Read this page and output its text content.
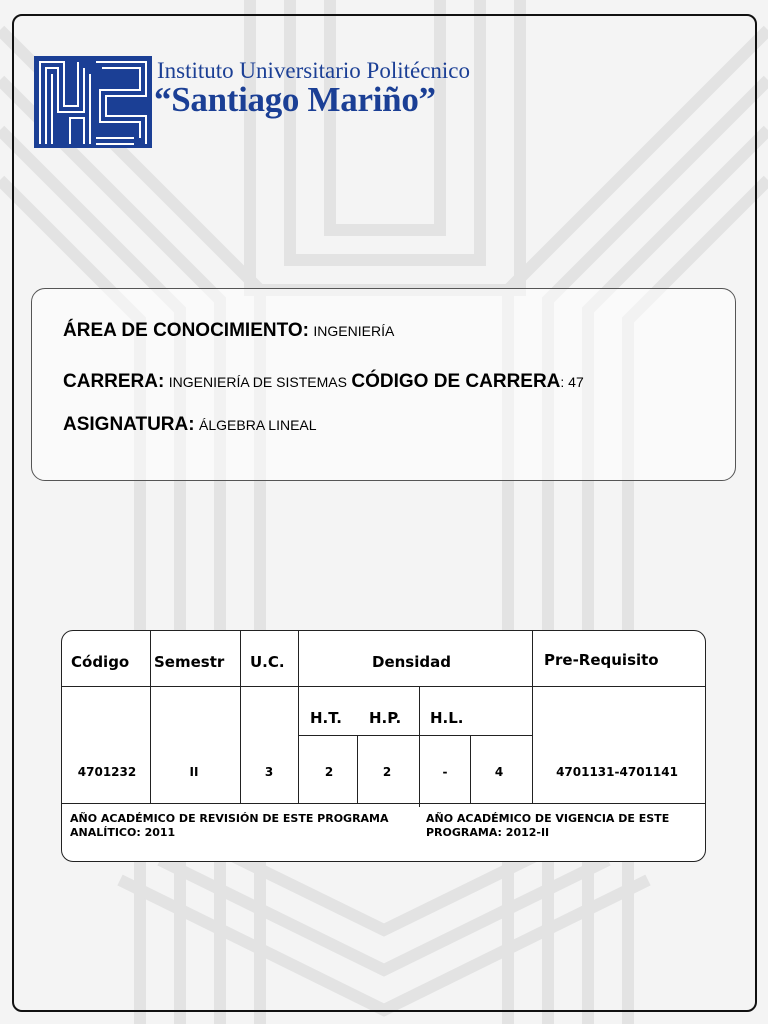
Instituto Universitario Politécnico
“Santiago Mariño”
ÁREA DE CONOCIMIENTO: INGENIERÍA
CARRERA: INGENIERÍA DE SISTEMAS CÓDIGO DE CARRERA: 47
ASIGNATURA: ÁLGEBRA LINEAL
Código Semestr U.C.	Densidad	Pre-Requisito
H.T. H.P. H.L.
4701232	II	3	2	2	-	4	4701131-4701141
AÑO ACADÉMICO DE REVISIÓN DE ESTE PROGRAMA ANALÍTICO: 2011
AÑO ACADÉMICO DE VIGENCIA DE ESTE PROGRAMA: 2012-II
